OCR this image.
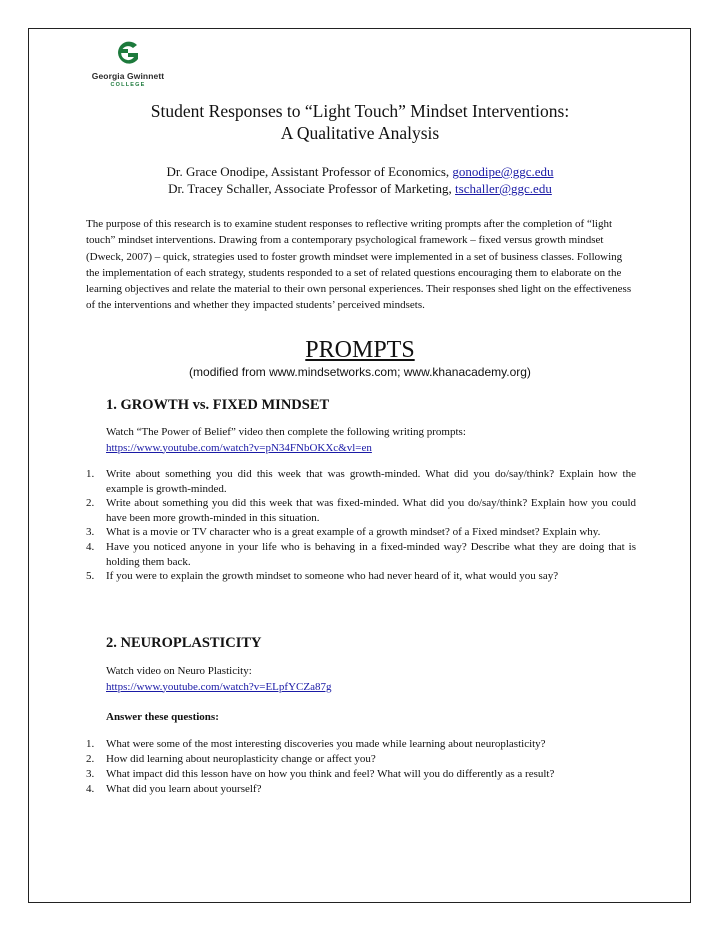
Georgia Gwinnett
COLLEGE
Student Responses to “Light Touch” Mindset Interventions:
A Qualitative Analysis
Dr. Grace Onodipe, Assistant Professor of Economics, gonodipe@ggc.edu
Dr. Tracey Schaller, Associate Professor of Marketing, tschaller@ggc.edu
The purpose of this research is to examine student responses to reflective writing prompts after the completion of “light touch” mindset interventions. Drawing from a contemporary psychological framework – fixed versus growth mindset (Dweck, 2007) – quick, strategies used to foster growth mindset were implemented in a set of business classes. Following the implementation of each strategy, students responded to a set of related questions encouraging them to elaborate on the learning objectives and relate the material to their own personal experiences. Their responses shed light on the effectiveness of the interventions and whether they impacted students’ perceived mindsets.
PROMPTS
(modified from www.mindsetworks.com; www.khanacademy.org)
1. GROWTH vs. FIXED MINDSET
Watch “The Power of Belief” video then complete the following writing prompts:
https://www.youtube.com/watch?v=pN34FNbOKXc&vl=en
1. Write about something you did this week that was growth-minded. What did you do/say/think? Explain how the example is growth-minded.
2. Write about something you did this week that was fixed-minded. What did you do/say/think? Explain how you could have been more growth-minded in this situation.
3. What is a movie or TV character who is a great example of a growth mindset? of a Fixed mindset? Explain why.
4. Have you noticed anyone in your life who is behaving in a fixed-minded way? Describe what they are doing that is holding them back.
5. If you were to explain the growth mindset to someone who had never heard of it, what would you say?
2. NEUROPLASTICITY
Watch video on Neuro Plasticity:
https://www.youtube.com/watch?v=ELpfYCZa87g
Answer these questions:
1. What were some of the most interesting discoveries you made while learning about neuroplasticity?
2. How did learning about neuroplasticity change or affect you?
3. What impact did this lesson have on how you think and feel? What will you do differently as a result?
4. What did you learn about yourself?
